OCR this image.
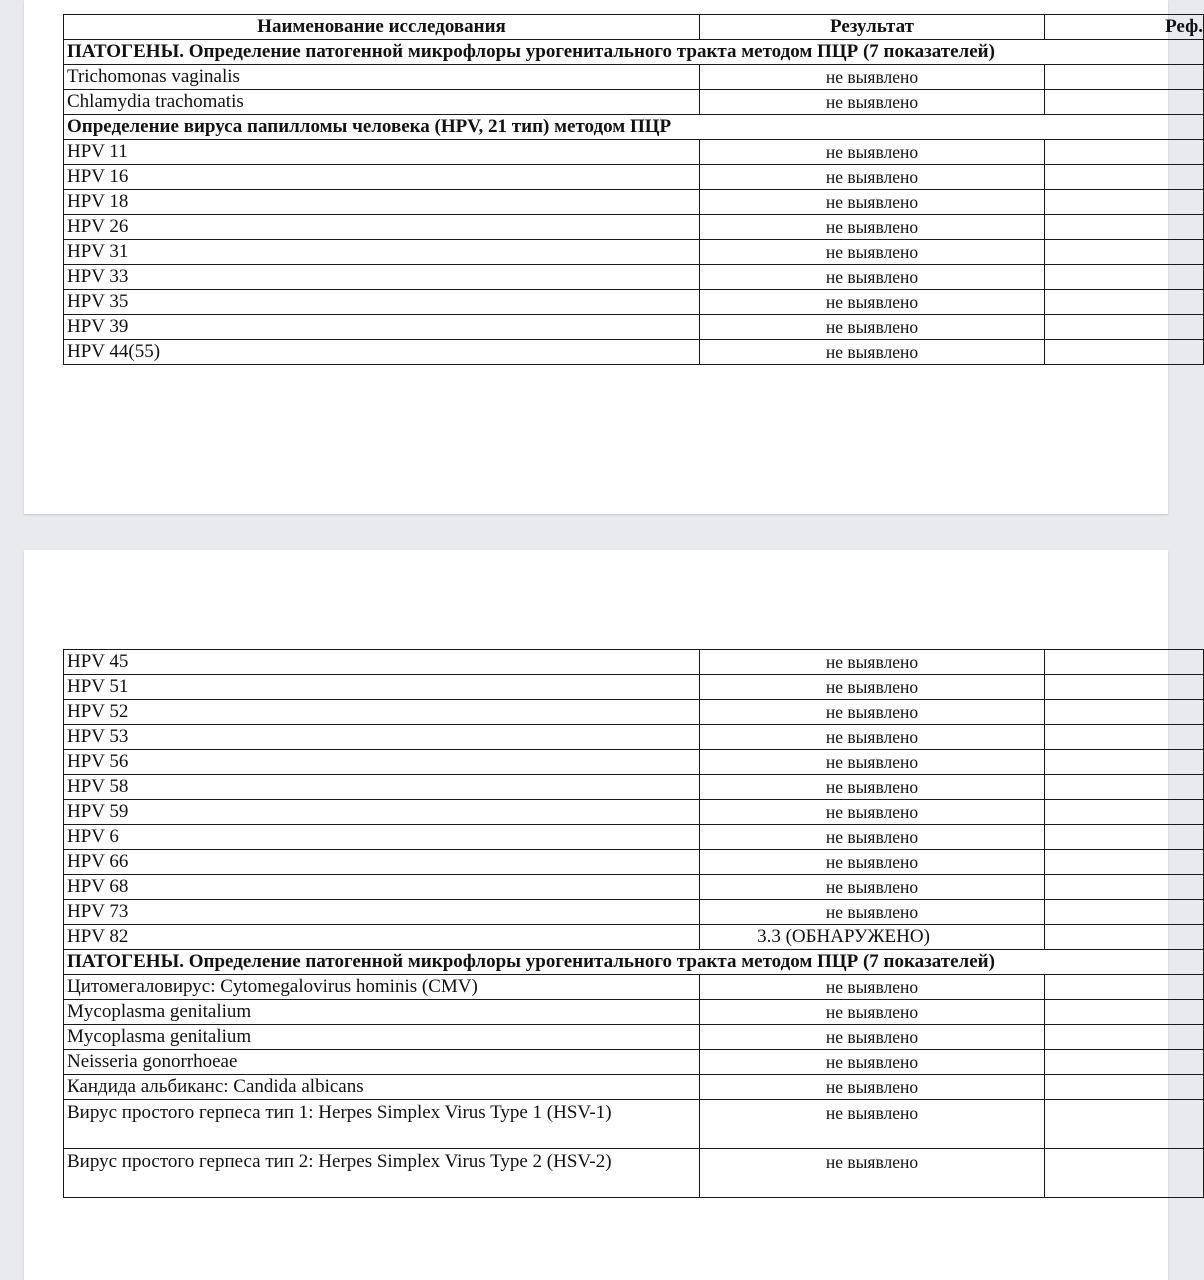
Наименование исследования	Результат	Реф.
ПАТОГЕНЫ. Определение патогенной микрофлоры урогенитального тракта методом ПЦР (7 показателей)		
Trichomonas vaginalis	не выявлено	
Chlamydia trachomatis	не выявлено	
Определение вируса папилломы человека (HPV, 21 тип) методом ПЦР		
HPV 11	не выявлено	
HPV 16	не выявлено	
HPV 18	не выявлено	
HPV 26	не выявлено	
HPV 31	не выявлено	
HPV 33	не выявлено	
HPV 35	не выявлено	
HPV 39	не выявлено	
HPV 44(55)	не выявлено	
HPV 45	не выявлено	
HPV 51	не выявлено	
HPV 52	не выявлено	
HPV 53	не выявлено	
HPV 56	не выявлено	
HPV 58	не выявлено	
HPV 59	не выявлено	
HPV 6	не выявлено	
HPV 66	не выявлено	
HPV 68	не выявлено	
HPV 73	не выявлено	
HPV 82	3.3 (ОБНАРУЖЕНО)	
ПАТОГЕНЫ. Определение патогенной микрофлоры урогенитального тракта методом ПЦР (7 показателей)		
Цитомегаловирус: Cytomegalovirus hominis (CMV)	не выявлено	
Mycoplasma genitalium	не выявлено	
Mycoplasma genitalium	не выявлено	
Neisseria gonorrhoeae	не выявлено	
Кандида альбиканс: Candida albicans	не выявлено	
Вирус простого герпеса тип 1: Herpes Simplex Virus Type 1 (HSV-1)	не выявлено	
Вирус простого герпеса тип 2: Herpes Simplex Virus Type 2 (HSV-2)	не выявлено	
